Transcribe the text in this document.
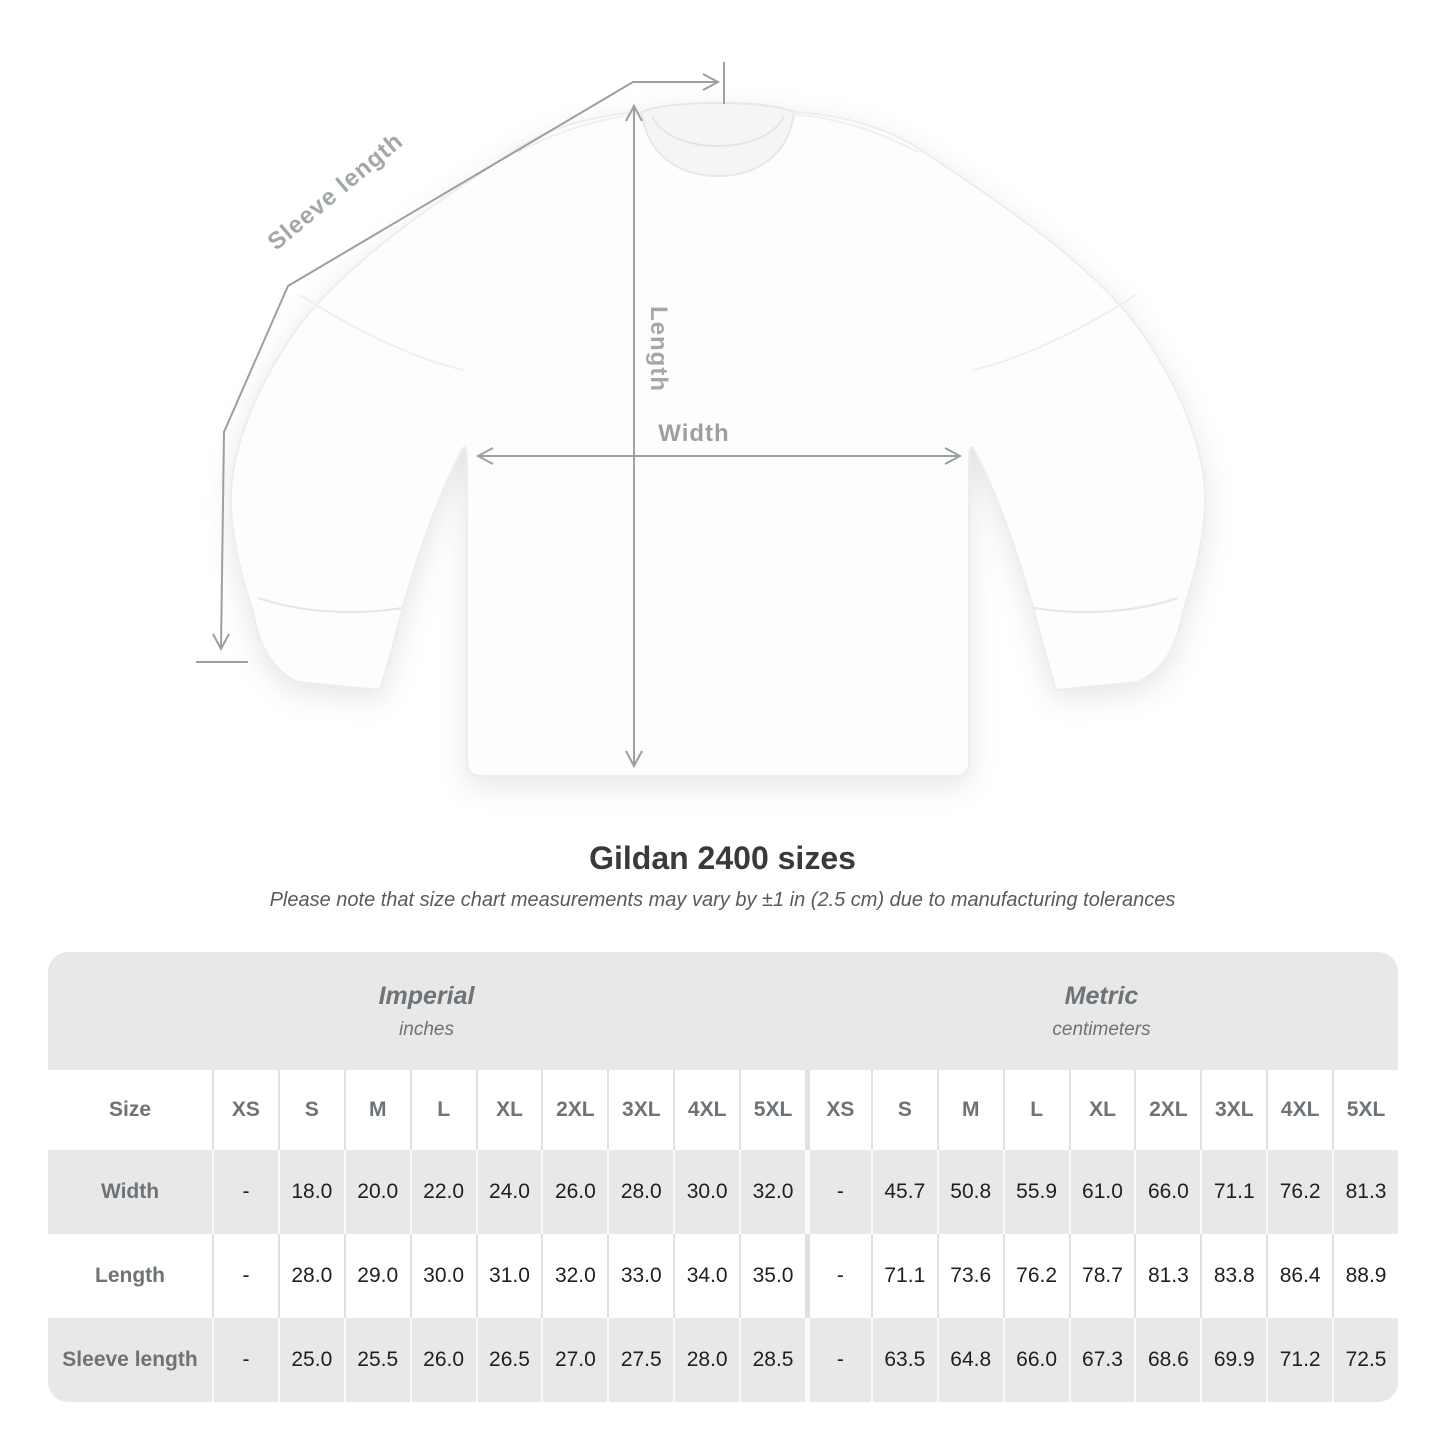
Sleeve length
Length
Width
Gildan 2400 sizes

Please note that size chart measurements may vary by ±1 in (2.5 cm) due to manufacturing tolerances

Imperial
inches
Metric
centimeters
Size	XS	S	M	L	XL	2XL	3XL	4XL	5XL	XS	S	M	L	XL	2XL	3XL	4XL	5XL
Width	-	18.0	20.0	22.0	24.0	26.0	28.0	30.0	32.0	-	45.7	50.8	55.9	61.0	66.0	71.1	76.2	81.3
Length	-	28.0	29.0	30.0	31.0	32.0	33.0	34.0	35.0	-	71.1	73.6	76.2	78.7	81.3	83.8	86.4	88.9
Sleeve length	-	25.0	25.5	26.0	26.5	27.0	27.5	28.0	28.5	-	63.5	64.8	66.0	67.3	68.6	69.9	71.2	72.5
